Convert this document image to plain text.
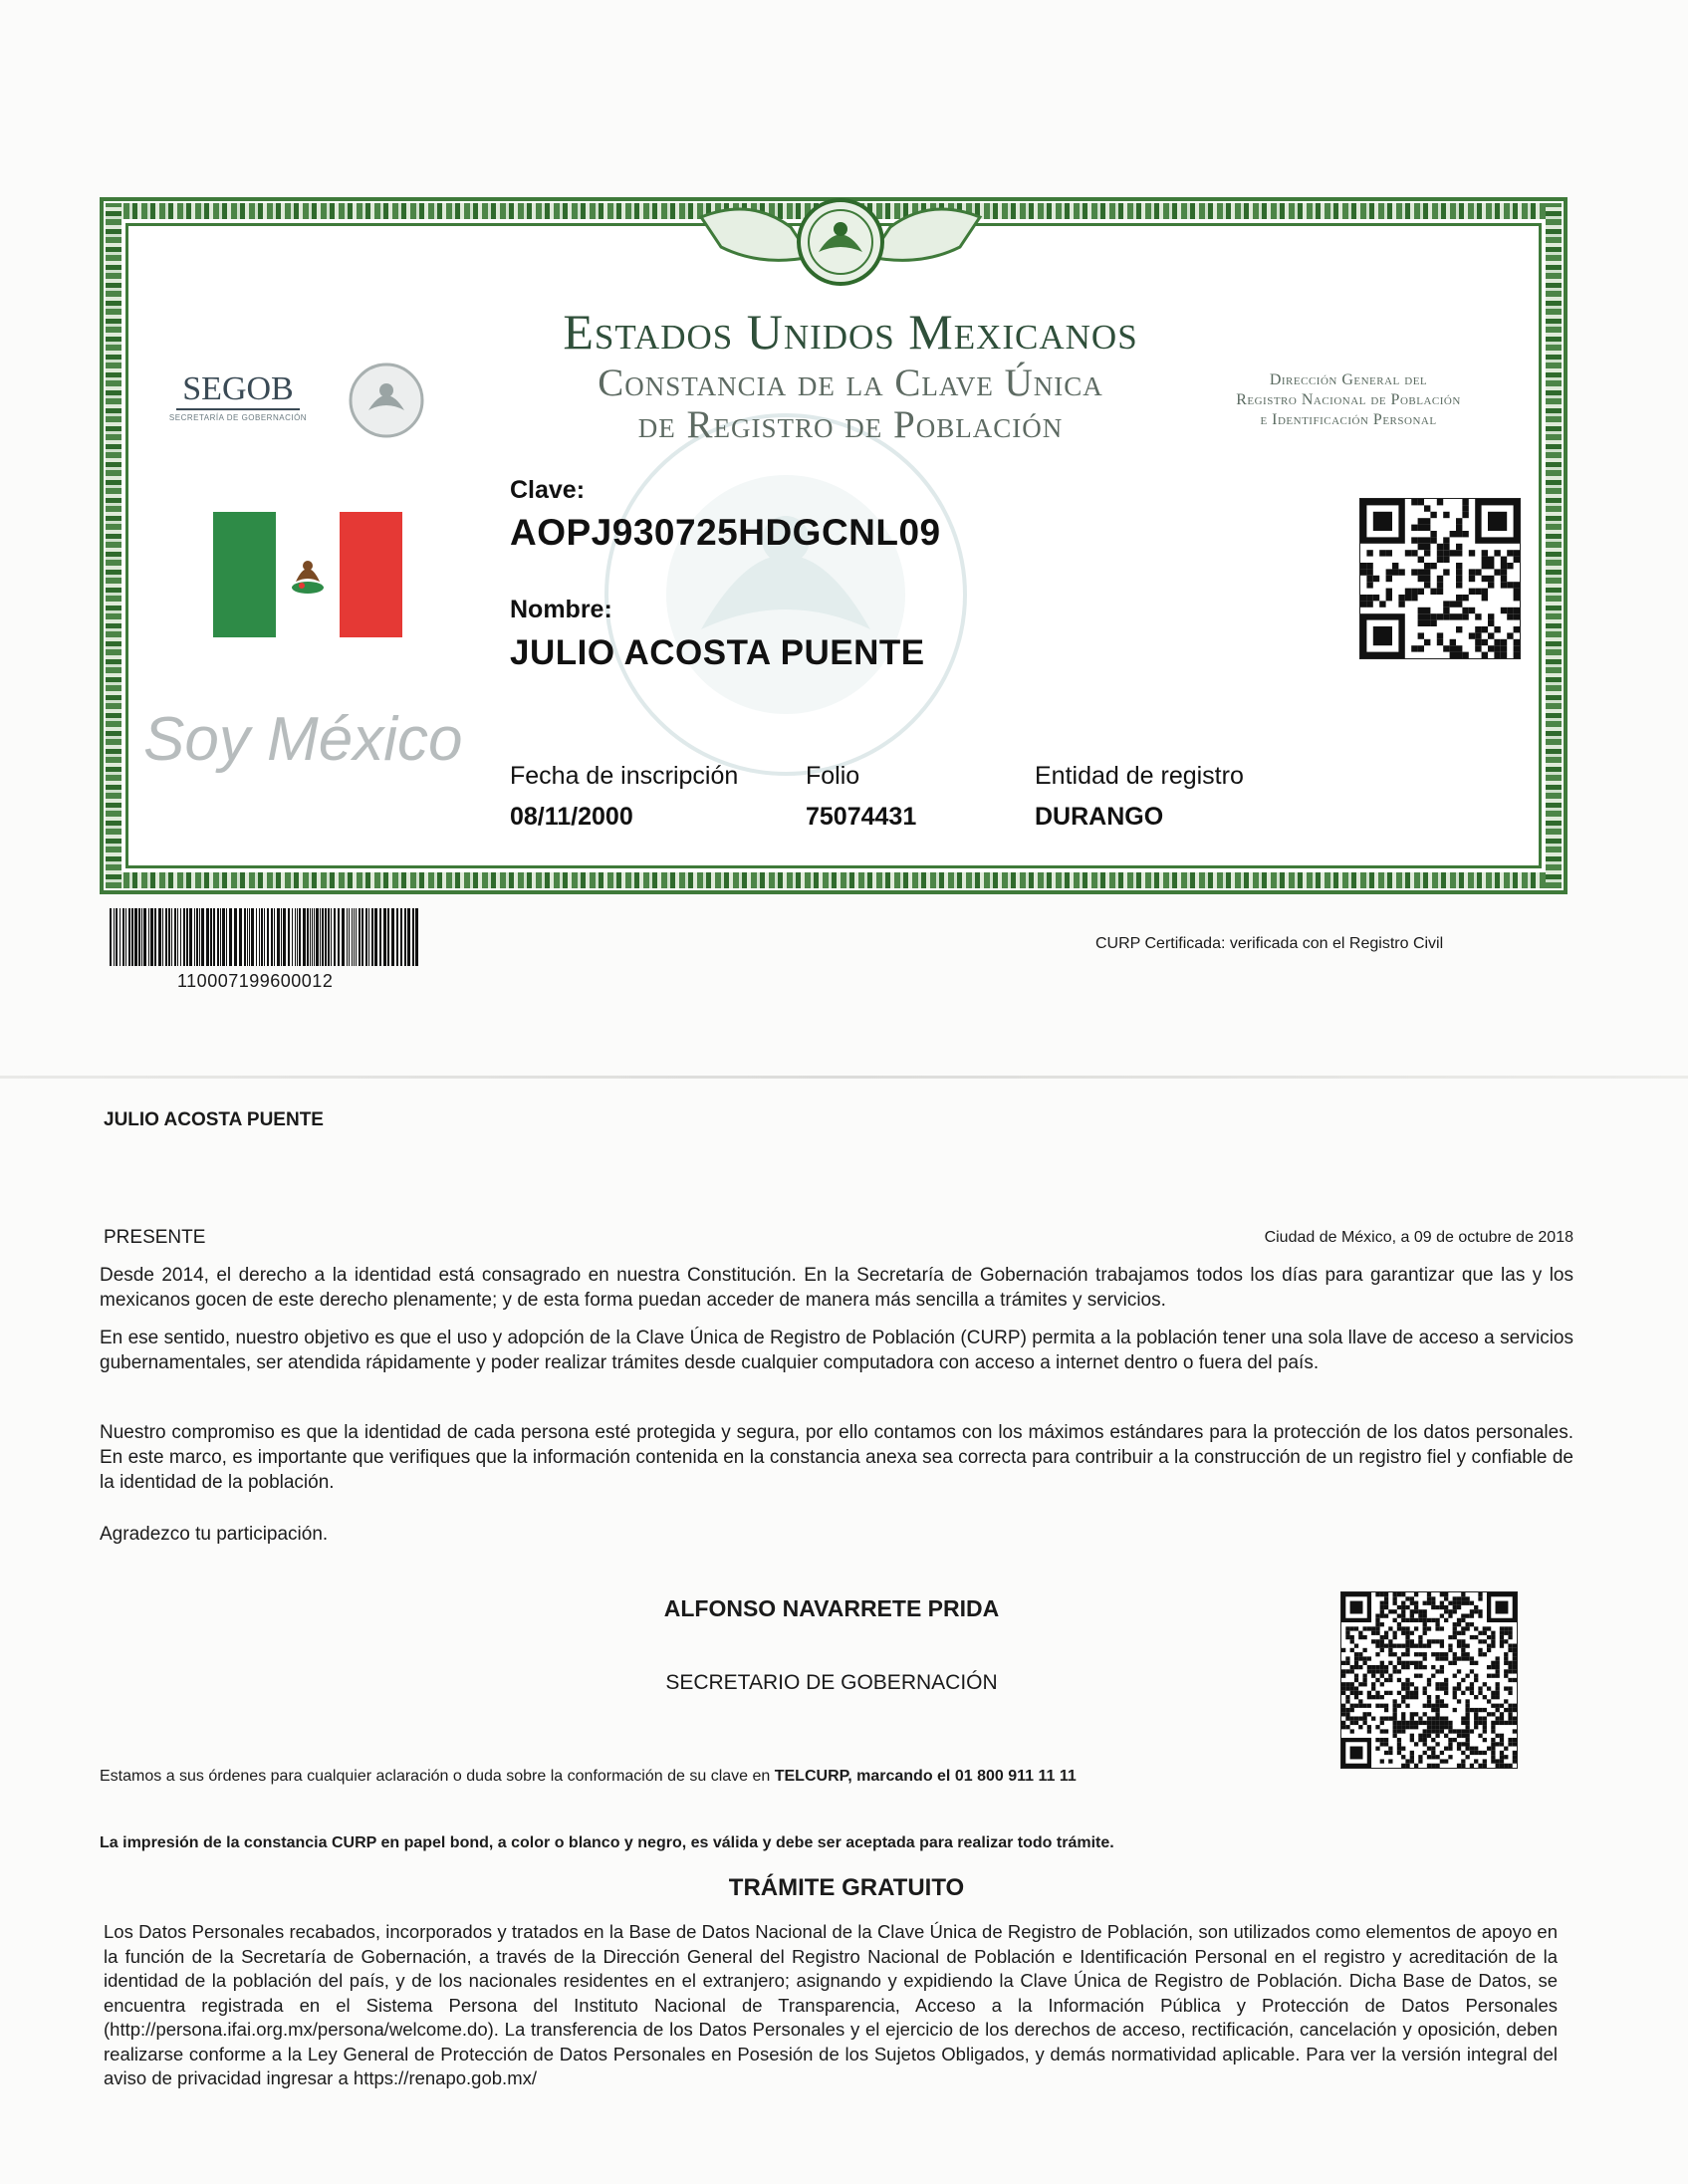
SEGOB
SECRETARÍA DE GOBERNACIÓN
Soy México
Estados Unidos Mexicanos
Constancia de la Clave Única
de Registro de Población
Dirección General del
Registro Nacional de Población
e Identificación Personal
Clave:
AOPJ930725HDGCNL09
Nombre:
JULIO ACOSTA PUENTE
Fecha de inscripción
08/11/2000
Folio
75074431
Entidad de registro
DURANGO
110007199600012
CURP Certificada: verificada con el Registro Civil
JULIO ACOSTA PUENTE
PRESENTE	Ciudad de México, a 09 de octubre de 2018
Desde 2014, el derecho a la identidad está consagrado en nuestra Constitución. En la Secretaría de Gobernación trabajamos todos los días para garantizar que las y los mexicanos gocen de este derecho plenamente; y de esta forma puedan acceder de manera más sencilla a trámites y servicios.
En ese sentido, nuestro objetivo es que el uso y adopción de la Clave Única de Registro de Población (CURP) permita a la población tener una sola llave de acceso a servicios gubernamentales, ser atendida rápidamente y poder realizar trámites desde cualquier computadora con acceso a internet dentro o fuera del país.
Nuestro compromiso es que la identidad de cada persona esté protegida y segura, por ello contamos con los máximos estándares para la protección de los datos personales. En este marco, es importante que verifiques que la información contenida en la constancia anexa sea correcta para contribuir a la construcción de un registro fiel y confiable de la identidad de la población.
Agradezco tu participación.
ALFONSO NAVARRETE PRIDA
SECRETARIO DE GOBERNACIÓN
Estamos a sus órdenes para cualquier aclaración o duda sobre la conformación de su clave en TELCURP, marcando el 01 800 911 11 11
La impresión de la constancia CURP en papel bond, a color o blanco y negro, es válida y debe ser aceptada para realizar todo trámite.
TRÁMITE GRATUITO
Los Datos Personales recabados, incorporados y tratados en la Base de Datos Nacional de la Clave Única de Registro de Población, son utilizados como elementos de apoyo en la función de la Secretaría de Gobernación, a través de la Dirección General del Registro Nacional de Población e Identificación Personal en el registro y acreditación de la identidad de la población del país, y de los nacionales residentes en el extranjero; asignando y expidiendo la Clave Única de Registro de Población. Dicha Base de Datos, se encuentra registrada en el Sistema Persona del Instituto Nacional de Transparencia, Acceso a la Información Pública y Protección de Datos Personales (http://persona.ifai.org.mx/persona/welcome.do). La transferencia de los Datos Personales y el ejercicio de los derechos de acceso, rectificación, cancelación y oposición, deben realizarse conforme a la Ley General de Protección de Datos Personales en Posesión de los Sujetos Obligados, y demás normatividad aplicable. Para ver la versión integral del aviso de privacidad ingresar a https://renapo.gob.mx/
